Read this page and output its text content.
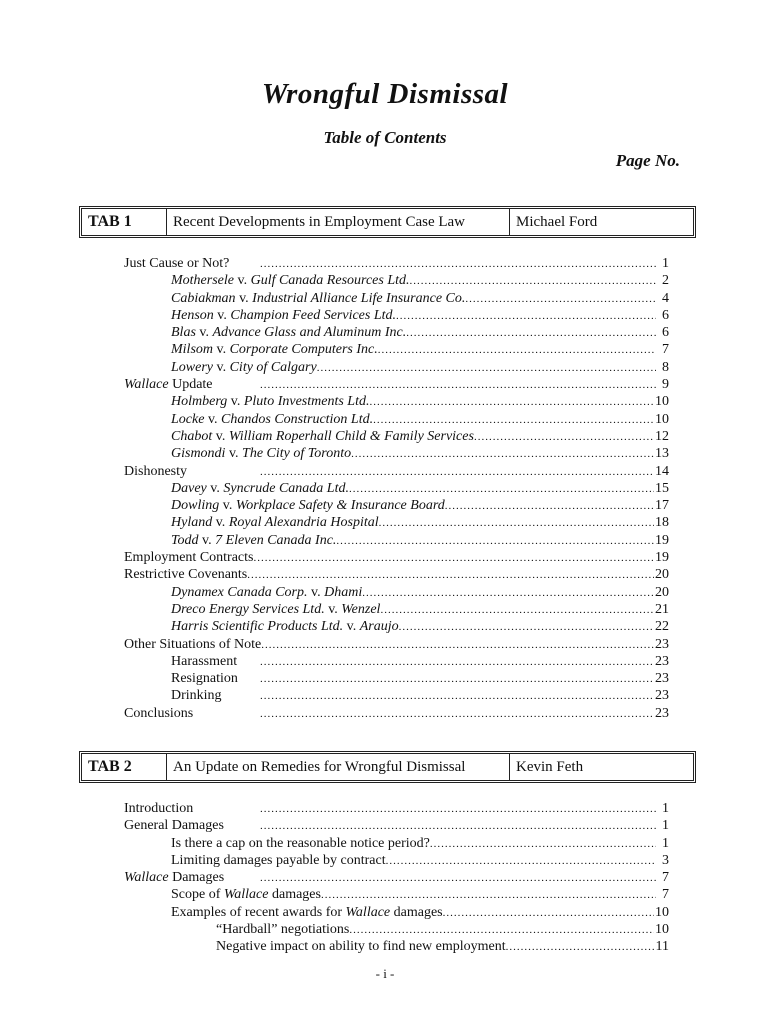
Wrongful Dismissal
Table of Contents
Page No.
TAB 1	Recent Developments in Employment Case Law	Michael Ford
Just Cause or Not? .....	1
Mothersele v. Gulf Canada Resources Ltd. .....	2
Cabiakman v. Industrial Alliance Life Insurance Co. .....	4
Henson v. Champion Feed Services Ltd. .....	6
Blas v. Advance Glass and Aluminum Inc. .....	6
Milsom v. Corporate Computers Inc. .....	7
Lowery v. City of Calgary .....	8
Wallace Update .....	9
Holmberg v. Pluto Investments Ltd. .....	10
Locke v. Chandos Construction Ltd. .....	10
Chabot v. William Roperhall Child & Family Services .....	12
Gismondi v. The City of Toronto .....	13
Dishonesty .....	14
Davey v. Syncrude Canada Ltd. .....	15
Dowling v. Workplace Safety & Insurance Board .....	17
Hyland v. Royal Alexandria Hospital .....	18
Todd v. 7 Eleven Canada Inc. .....	19
Employment Contracts .....	19
Restrictive Covenants .....	20
Dynamex Canada Corp. v. Dhami .....	20
Dreco Energy Services Ltd. v. Wenzel .....	21
Harris Scientific Products Ltd. v. Araujo .....	22
Other Situations of Note .....	23
Harassment .....	23
Resignation .....	23
Drinking .....	23
Conclusions .....	23
TAB 2	An Update on Remedies for Wrongful Dismissal	Kevin Feth
Introduction .....	1
General Damages .....	1
Is there a cap on the reasonable notice period? .....	1
Limiting damages payable by contract .....	3
Wallace Damages .....	7
Scope of Wallace damages .....	7
Examples of recent awards for Wallace damages .....	10
“Hardball” negotiations .....	10
Negative impact on ability to find new employment .....	11
- i -
